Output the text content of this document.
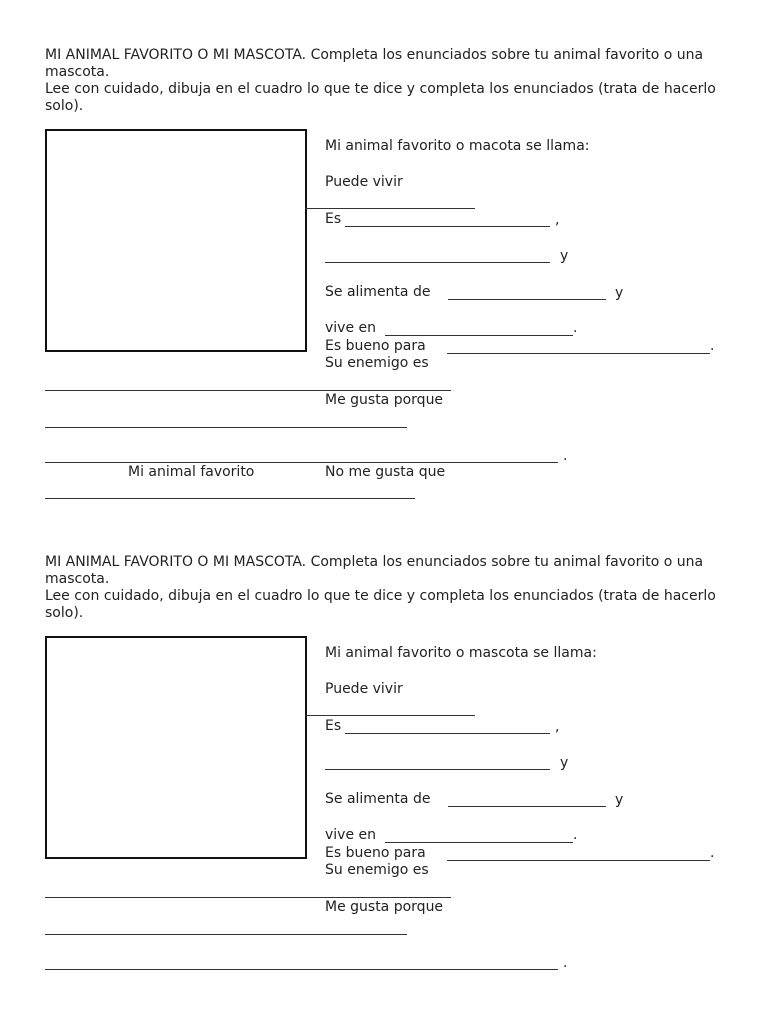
MI ANIMAL FAVORITO O MI MASCOTA. Completa los enunciados sobre tu animal favorito o una mascota.
Lee con cuidado, dibuja en el cuadro lo que te dice y completa los enunciados (trata de hacerlo solo).
Mi animal favorito o macota se llama:
Puede vivir
Es	,
y
Se alimenta de	y
vive en	.
Es bueno para	.
Su enemigo es
Me gusta porque
.
Mi animal favorito	No me gusta que
MI ANIMAL FAVORITO O MI MASCOTA. Completa los enunciados sobre tu animal favorito o una mascota.
Lee con cuidado, dibuja en el cuadro lo que te dice y completa los enunciados (trata de hacerlo solo).
Mi animal favorito o mascota se llama:
Puede vivir
Es	,
y
Se alimenta de	y
vive en	.
Es bueno para	.
Su enemigo es
Me gusta porque
.
